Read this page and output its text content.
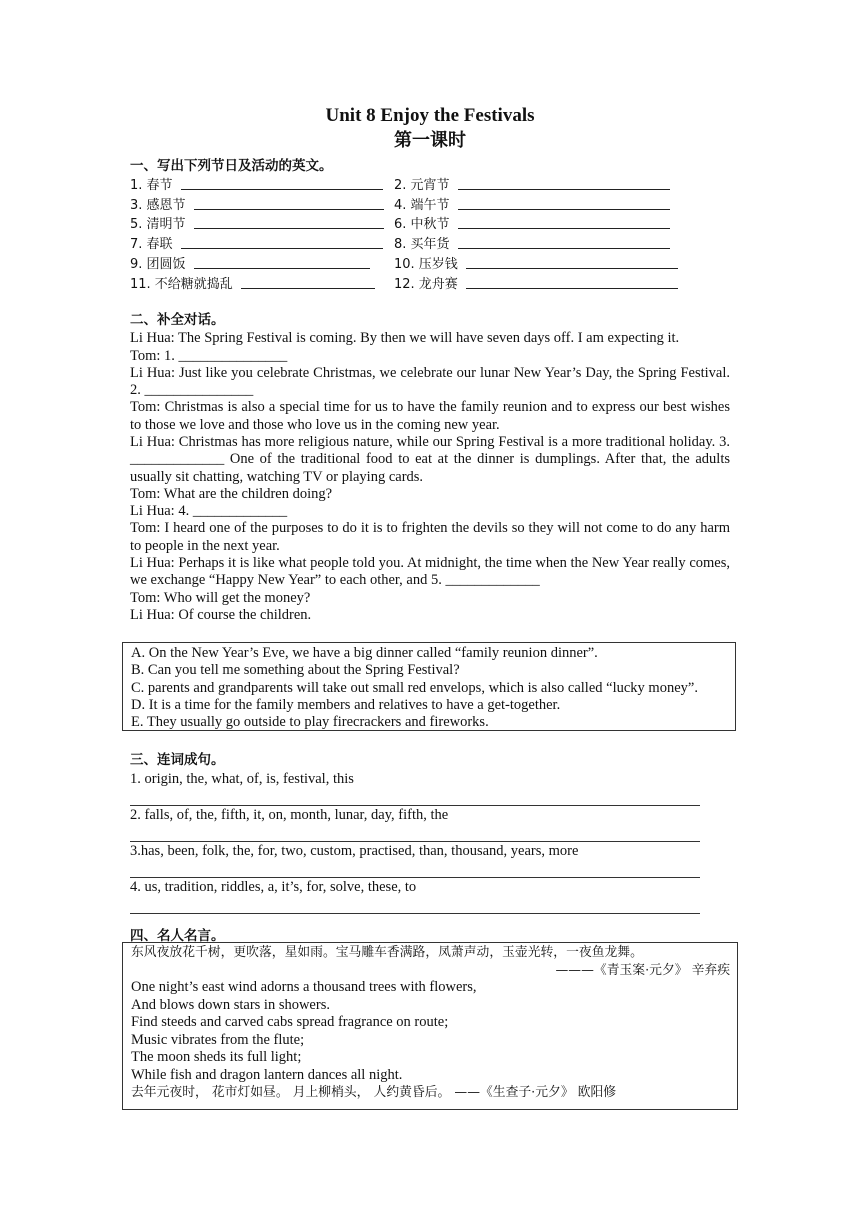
Unit 8 Enjoy the Festivals
第一课时
一、写出下列节日及活动的英文。
1. 春节	2. 元宵节
3. 感恩节	4. 端午节
5. 清明节	6. 中秋节
7. 春联	8. 买年货
9. 团圆饭	10. 压岁钱
11. 不给糖就捣乱	12. 龙舟赛
二、补全对话。

Li Hua: The Spring Festival is coming. By then we will have seven days off. I am expecting it.

Tom: 1. _______________

Li Hua: Just like you celebrate Christmas, we celebrate our lunar New Year’s Day, the Spring Festival. 2. _______________

Tom: Christmas is also a special time for us to have the family reunion and to express our best wishes to those we love and those who love us in the coming new year.

Li Hua: Christmas has more religious nature, while our Spring Festival is a more traditional holiday. 3. _____________ One of the traditional food to eat at the dinner is dumplings. After that, the adults usually sit chatting, watching TV or playing cards.

Tom: What are the children doing?

Li Hua: 4. _____________

Tom: I heard one of the purposes to do it is to frighten the devils so they will not come to do any harm to people in the next year.

Li Hua: Perhaps it is like what people told you. At midnight, the time when the New Year really comes, we exchange “Happy New Year” to each other, and 5. _____________

Tom: Who will get the money?

Li Hua: Of course the children.

A. On the New Year’s Eve, we have a big dinner called “family reunion dinner”.
B. Can you tell me something about the Spring Festival?
C. parents and grandparents will take out small red envelops, which is also called “lucky money”.
D. It is a time for the family members and relatives to have a get-together.
E. They usually go outside to play firecrackers and fireworks.
三、连词成句。
1. origin, the, what, of, is, festival, this
2. falls, of, the, fifth, it, on, month, lunar, day, fifth, the
3.has, been, folk, the, for, two, custom, practised, than, thousand, years, more
4. us, tradition, riddles, a, it’s, for, solve, these, to
四、名人名言。
东风夜放花千树，更吹落，星如雨。宝马雕车香满路，凤萧声动，玉壶光转，一夜鱼龙舞。
———《青玉案·元夕》 辛弃疾
One night’s east wind adorns a thousand trees with flowers,
And blows down stars in showers.
Find steeds and carved cabs spread fragrance on route;
Music vibrates from the flute;
The moon sheds its full light;
While fish and dragon lantern dances all night.
去年元夜时， 花市灯如昼。 月上柳梢头， 人约黄昏后。 ——《生查子·元夕》 欧阳修
